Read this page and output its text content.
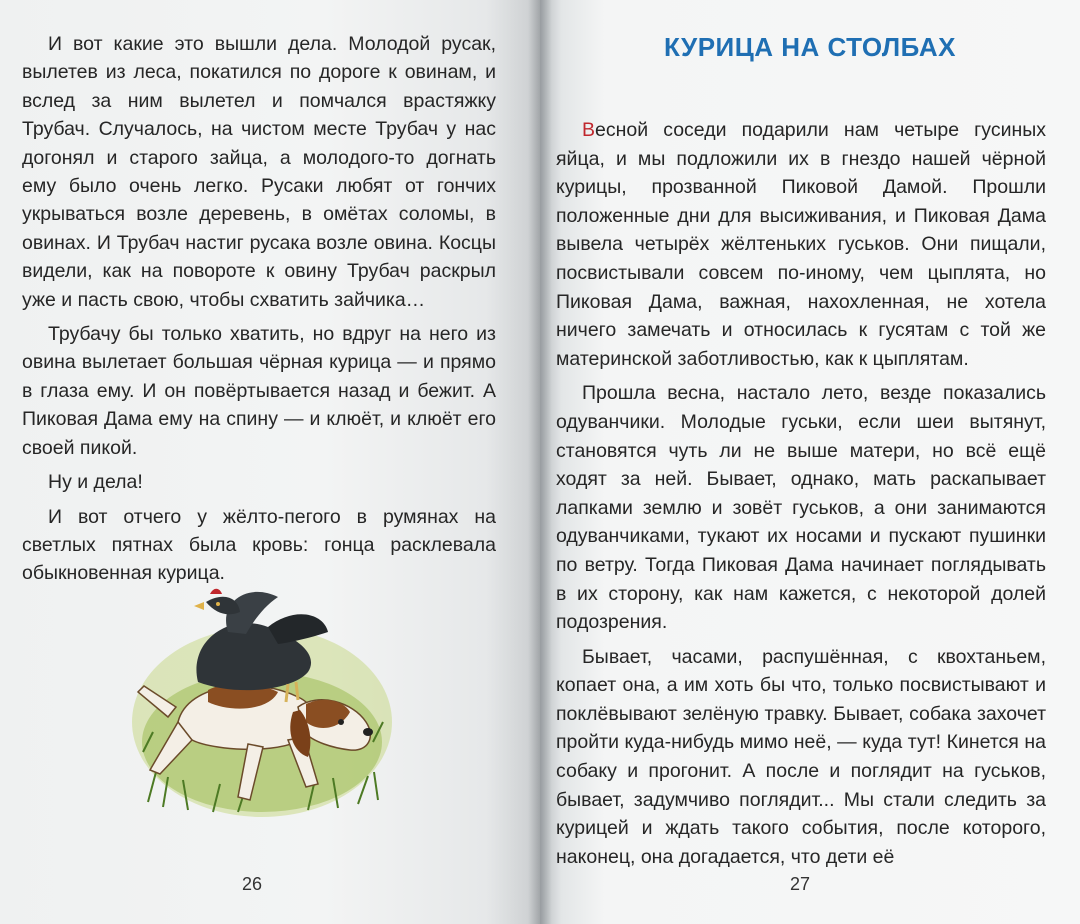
И вот какие это вышли дела. Молодой русак, вылетев из леса, покатился по дороге к овинам, и вслед за ним вылетел и помчался врастяжку Трубач. Случалось, на чистом месте Трубач у нас догонял и старого зайца, а молодого-то догнать ему было очень легко. Русаки любят от гончих укрываться возле деревень, в омётах соломы, в овинах. И Трубач настиг русака возле овина. Косцы видели, как на повороте к овину Трубач раскрыл уже и пасть свою, чтобы схватить зайчика…

Трубачу бы только хватить, но вдруг на него из овина вылетает большая чёрная курица — и прямо в глаза ему. И он повёртывается назад и бежит. А Пиковая Дама ему на спину — и клюёт, и клюёт его своей пикой.

Ну и дела!

И вот отчего у жёлто-пегого в румянах на светлых пятнах была кровь: гонца расклевала обыкновенная курица.

26
КУРИЦА НА СТОЛБАХ

Весной соседи подарили нам четыре гусиных яйца, и мы подложили их в гнездо нашей чёрной курицы, прозванной Пиковой Дамой. Прошли положенные дни для высиживания, и Пиковая Дама вывела четырёх жёлтеньких гуськов. Они пищали, посвистывали совсем по-иному, чем цыплята, но Пиковая Дама, важная, нахохленная, не хотела ничего замечать и относилась к гусятам с той же материнской заботливостью, как к цыплятам.

Прошла весна, настало лето, везде показались одуванчики. Молодые гуськи, если шеи вытянут, становятся чуть ли не выше матери, но всё ещё ходят за ней. Бывает, однако, мать раскапывает лапками землю и зовёт гуськов, а они занимаются одуванчиками, тукают их носами и пускают пушинки по ветру. Тогда Пиковая Дама начинает поглядывать в их сторону, как нам кажется, с некоторой долей подозрения.

Бывает, часами, распушённая, с квохтаньем, копает она, а им хоть бы что, только посвистывают и поклёвывают зелёную травку. Бывает, собака захочет пройти куда-нибудь мимо неё, — куда тут! Кинется на собаку и прогонит. А после и поглядит на гуськов, бывает, задумчиво поглядит... Мы стали следить за курицей и ждать такого события, после которого, наконец, она догадается, что дети её

27
